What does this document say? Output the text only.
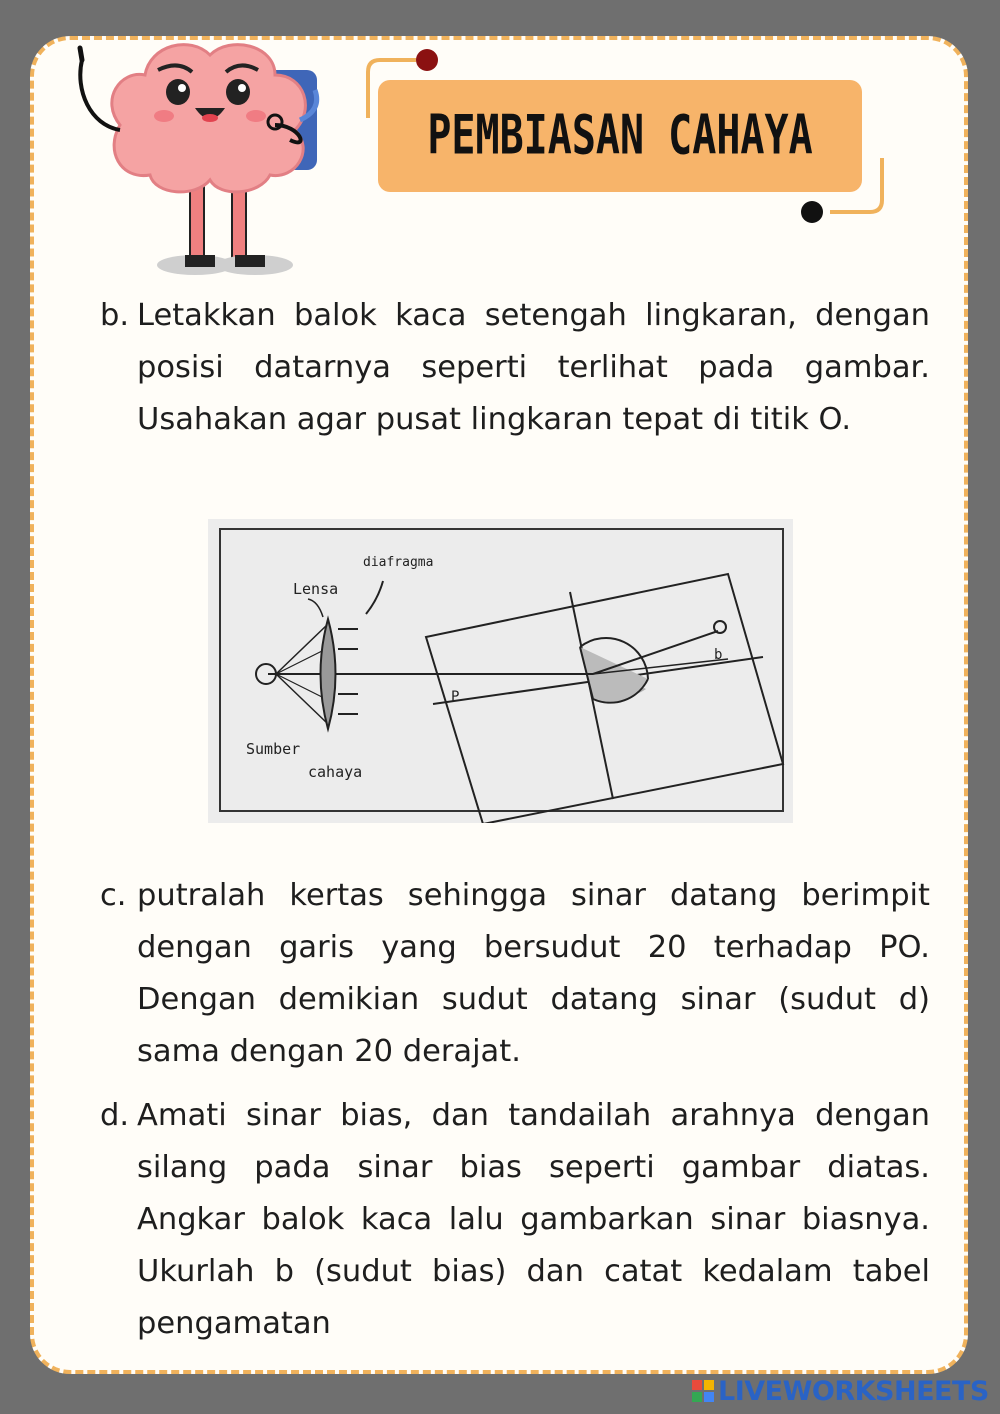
PEMBIASAN CAHAYA
b. Letakkan balok kaca setengah lingkaran, dengan posisi datarnya seperti terlihat pada gambar. Usahakan agar pusat lingkaran tepat di titik O.
diafragma
Lensa
Sumber
cahaya
P
b
c. putralah kertas sehingga sinar datang berimpit dengan garis yang bersudut 20 terhadap PO. Dengan demikian sudut datang sinar (sudut d) sama dengan 20 derajat.
d. Amati sinar bias, dan tandailah arahnya dengan silang pada sinar bias seperti gambar diatas. Angkar balok kaca lalu gambarkan sinar biasnya. Ukurlah b (sudut bias) dan catat kedalam tabel pengamatan
LIVEWORKSHEETS
